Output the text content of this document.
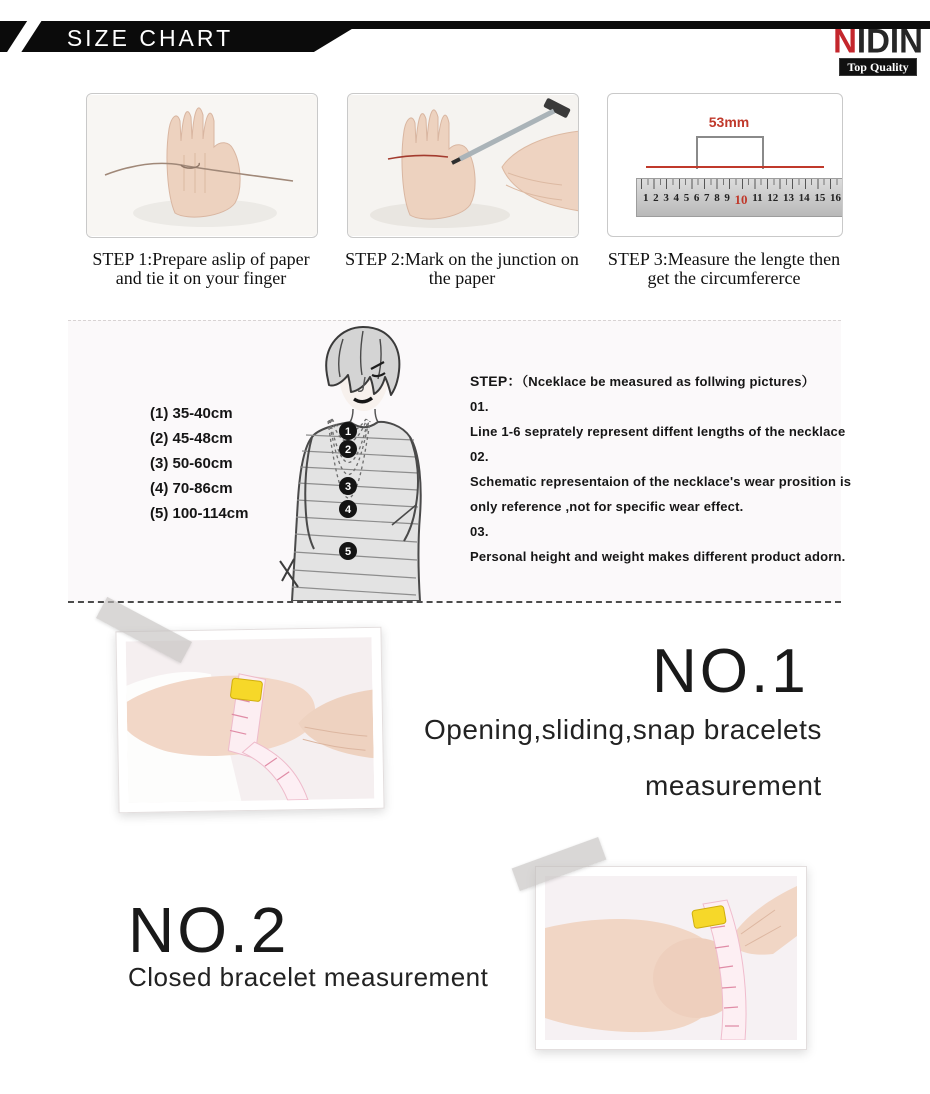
SIZE CHART	NIDIN
Top Quality
53mm
1 2 3 4 5 6 7 8 9 10 11 12 13 14 15 16
STEP 1:Prepare aslip of paper
and tie it on your finger
STEP 2:Mark on the junction on
the paper
STEP 3:Measure the lengte then
get the circumfererce
(1) 35-40cm
(2) 45-48cm
(3) 50-60cm
(4) 70-86cm
(5) 100-114cm
1
2
3
4
5
STEP：（Nceklace be measured as follwing pictures）
01.
Line 1-6 seprately represent diffent lengths of the necklace
02.
Schematic representaion of the necklace's wear prosition is only reference ,not for specific wear effect.
03.
Personal height and weight makes different product adorn.
NO.1
Opening,sliding,snap bracelets
measurement
NO.2
Closed bracelet measurement
